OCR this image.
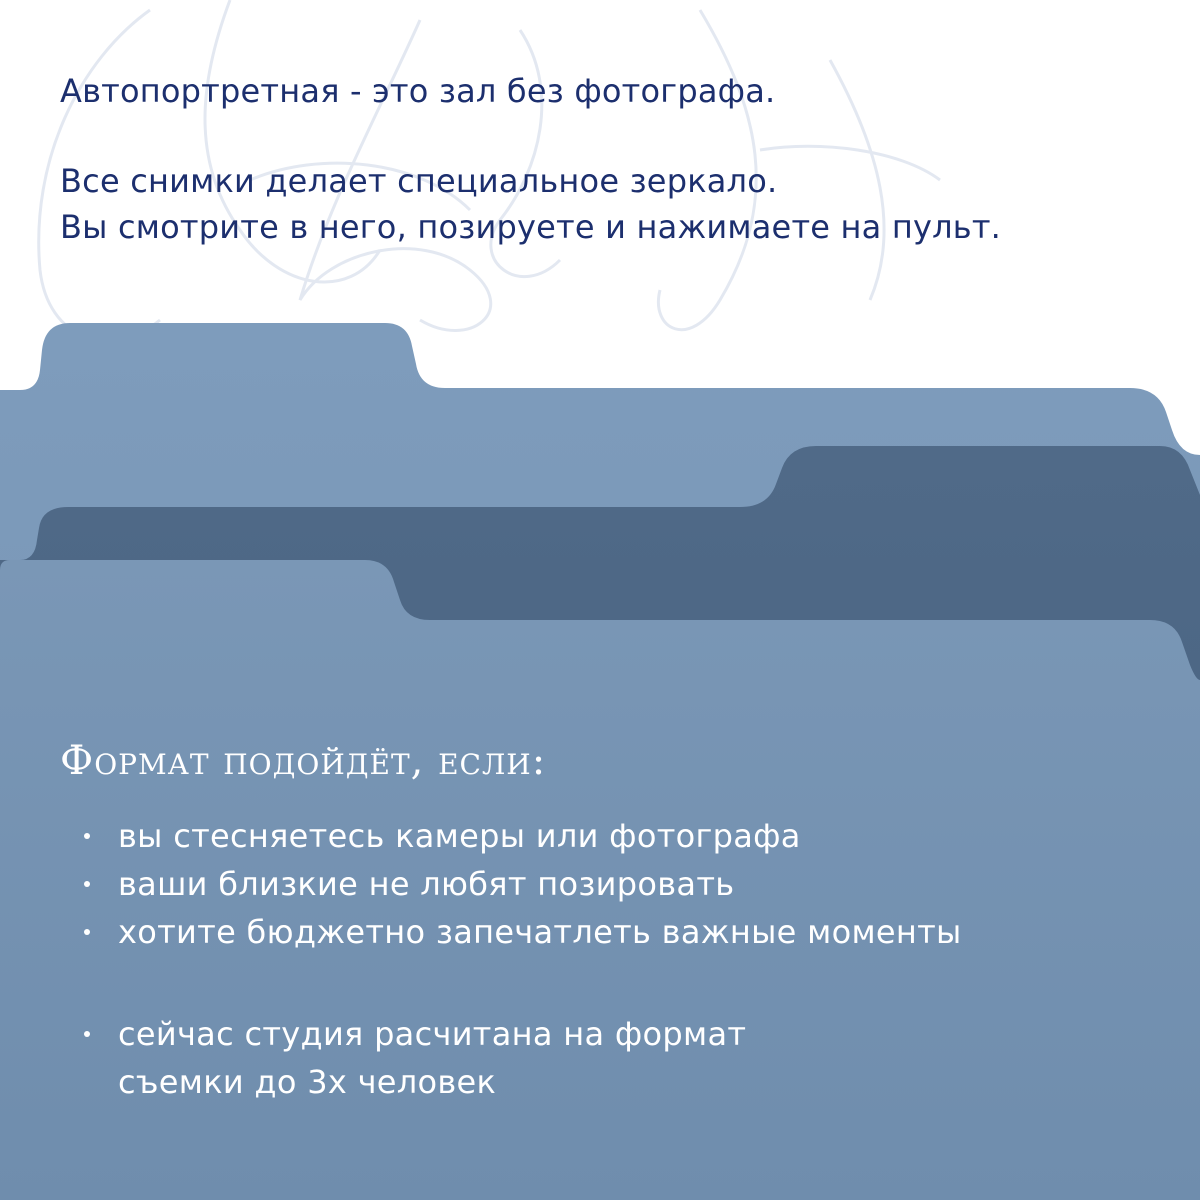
Автопортретная - это зал без фотографа.

Все снимки делает специальное зеркало.

Вы смотрите в него, позируете и нажимаете на пульт.

Формат подойдёт, если:
вы стесняетесь камеры или фотографа
ваши близкие не любят позировать
хотите бюджетно запечатлеть важные моменты
сейчас студия расчитана на формат
съемки до 3х человек
